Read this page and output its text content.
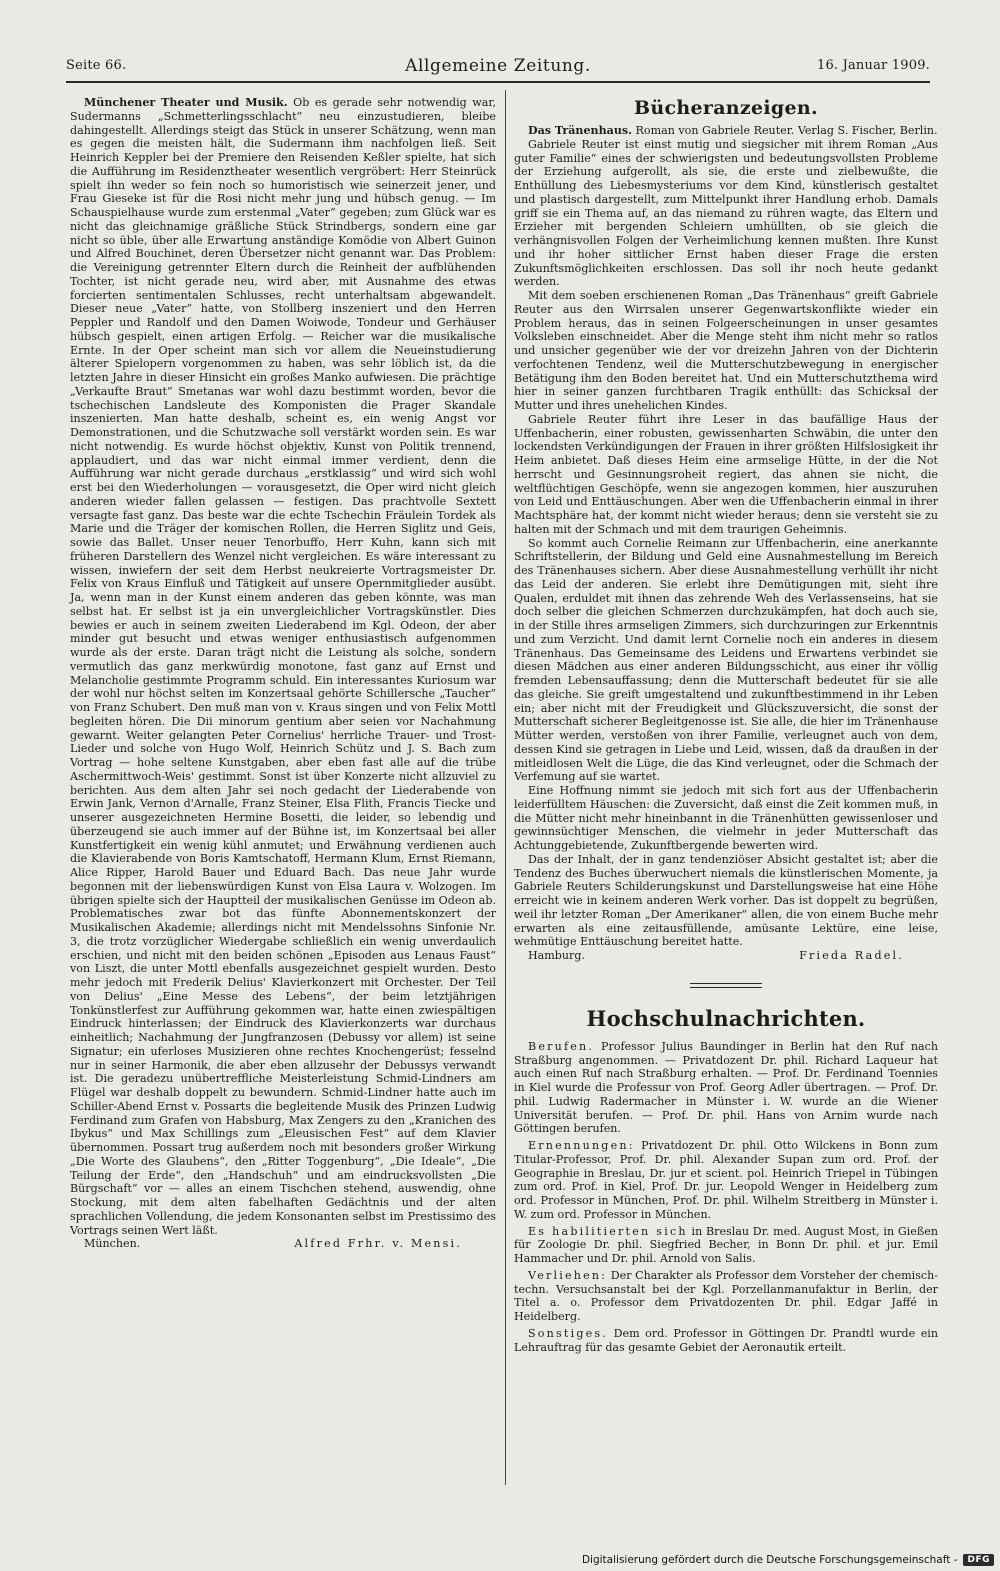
Seite 66.	Allgemeine Zeitung.	16. Januar 1909.

Münchener Theater und Musik. Ob es gerade sehr notwendig war, Sudermanns „Schmetterlingsschlacht“ neu einzustudieren, bleibe dahingestellt. Allerdings steigt das Stück in unserer Schätzung, wenn man es gegen die meisten hält, die Sudermann ihm nachfolgen ließ. Seit Heinrich Keppler bei der Premiere den Reisenden Keßler spielte, hat sich die Aufführung im Residenztheater wesentlich vergröbert: Herr Steinrück spielt ihn weder so fein noch so humoristisch wie seinerzeit jener, und Frau Gieseke ist für die Rosi nicht mehr jung und hübsch genug. — Im Schauspielhause wurde zum erstenmal „Vater“ gegeben; zum Glück war es nicht das gleichnamige gräßliche Stück Strindbergs, sondern eine gar nicht so üble, über alle Erwartung anständige Komödie von Albert Guinon und Alfred Bouchinet, deren Übersetzer nicht genannt war. Das Problem: die Vereinigung getrennter Eltern durch die Reinheit der aufblühenden Tochter, ist nicht gerade neu, wird aber, mit Ausnahme des etwas forcierten sentimentalen Schlusses, recht unterhaltsam abgewandelt. Dieser neue „Vater“ hatte, von Stollberg inszeniert und den Herren Peppler und Randolf und den Damen Woiwode, Tondeur und Gerhäuser hübsch gespielt, einen artigen Erfolg. — Reicher war die musikalische Ernte. In der Oper scheint man sich vor allem die Neueinstudierung älterer Spielopern vorgenommen zu haben, was sehr löblich ist, da die letzten Jahre in dieser Hinsicht ein großes Manko aufwiesen. Die prächtige „Verkaufte Braut“ Smetanas war wohl dazu bestimmt worden, bevor die tschechischen Landsleute des Komponisten die Prager Skandale inszenierten. Man hatte deshalb, scheint es, ein wenig Angst vor Demonstrationen, und die Schutzwache soll verstärkt worden sein. Es war nicht notwendig. Es wurde höchst objektiv, Kunst von Politik trennend, applaudiert, und das war nicht einmal immer verdient, denn die Aufführung war nicht gerade durchaus „erstklassig“ und wird sich wohl erst bei den Wiederholungen — vorausgesetzt, die Oper wird nicht gleich anderen wieder fallen gelassen — festigen. Das prachtvolle Sextett versagte fast ganz. Das beste war die echte Tschechin Fräulein Tordek als Marie und die Träger der komischen Rollen, die Herren Siglitz und Geis, sowie das Ballet. Unser neuer Tenorbuffo, Herr Kuhn, kann sich mit früheren Darstellern des Wenzel nicht vergleichen. Es wäre interessant zu wissen, inwiefern der seit dem Herbst neukreierte Vortragsmeister Dr. Felix von Kraus Einfluß und Tätigkeit auf unsere Opernmitglieder ausübt. Ja, wenn man in der Kunst einem anderen das geben könnte, was man selbst hat. Er selbst ist ja ein unvergleichlicher Vortragskünstler. Dies bewies er auch in seinem zweiten Liederabend im Kgl. Odeon, der aber minder gut besucht und etwas weniger enthusiastisch aufgenommen wurde als der erste. Daran trägt nicht die Leistung als solche, sondern vermutlich das ganz merkwürdig monotone, fast ganz auf Ernst und Melancholie gestimmte Programm schuld. Ein interessantes Kuriosum war der wohl nur höchst selten im Konzertsaal gehörte Schillersche „Taucher“ von Franz Schubert. Den muß man von v. Kraus singen und von Felix Mottl begleiten hören. Die Dii minorum gentium aber seien vor Nachahmung gewarnt. Weiter gelangten Peter Cornelius' herrliche Trauer- und Trost-Lieder und solche von Hugo Wolf, Heinrich Schütz und J. S. Bach zum Vortrag — hohe seltene Kunstgaben, aber eben fast alle auf die trübe Aschermittwoch-Weis' gestimmt. Sonst ist über Konzerte nicht allzuviel zu berichten. Aus dem alten Jahr sei noch gedacht der Liederabende von Erwin Jank, Vernon d'Arnalle, Franz Steiner, Elsa Flith, Francis Tiecke und unserer ausgezeichneten Hermine Bosetti, die leider, so lebendig und überzeugend sie auch immer auf der Bühne ist, im Konzertsaal bei aller Kunstfertigkeit ein wenig kühl anmutet; und Erwähnung verdienen auch die Klavierabende von Boris Kamtschatoff, Hermann Klum, Ernst Riemann, Alice Ripper, Harold Bauer und Eduard Bach. Das neue Jahr wurde begonnen mit der liebenswürdigen Kunst von Elsa Laura v. Wolzogen. Im übrigen spielte sich der Hauptteil der musikalischen Genüsse im Odeon ab. Problematisches zwar bot das fünfte Abonnementskonzert der Musikalischen Akademie; allerdings nicht mit Mendelssohns Sinfonie Nr. 3, die trotz vorzüglicher Wiedergabe schließlich ein wenig unverdaulich erschien, und nicht mit den beiden schönen „Episoden aus Lenaus Faust“ von Liszt, die unter Mottl ebenfalls ausgezeichnet gespielt wurden. Desto mehr jedoch mit Frederik Delius' Klavierkonzert mit Orchester. Der Teil von Delius' „Eine Messe des Lebens“, der beim letztjährigen Tonkünstlerfest zur Aufführung gekommen war, hatte einen zwiespältigen Eindruck hinterlassen; der Eindruck des Klavierkonzerts war durchaus einheitlich; Nachahmung der Jungfranzosen (Debussy vor allem) ist seine Signatur; ein uferloses Musizieren ohne rechtes Knochengerüst; fesselnd nur in seiner Harmonik, die aber eben allzusehr der Debussys verwandt ist. Die geradezu unübertreffliche Meisterleistung Schmid-Lindners am Flügel war deshalb doppelt zu bewundern. Schmid-Lindner hatte auch im Schiller-Abend Ernst v. Possarts die begleitende Musik des Prinzen Ludwig Ferdinand zum Grafen von Habsburg, Max Zengers zu den „Kranichen des Ibykus“ und Max Schillings zum „Eleusischen Fest“ auf dem Klavier übernommen. Possart trug außerdem noch mit besonders großer Wirkung „Die Worte des Glaubens“, den „Ritter Toggenburg“, „Die Ideale“, „Die Teilung der Erde“, den „Handschuh“ und am eindrucksvollsten „Die Bürgschaft“ vor — alles an einem Tischchen stehend, auswendig, ohne Stockung, mit dem alten fabelhaften Gedächtnis und der alten sprachlichen Vollendung, die jedem Konsonanten selbst im Prestissimo des Vortrags seinen Wert läßt.

München.	Alfred Frhr. v. Mensi.
Bücheranzeigen.

Das Tränenhaus. Roman von Gabriele Reuter. Verlag S. Fischer, Berlin.

Gabriele Reuter ist einst mutig und siegsicher mit ihrem Roman „Aus guter Familie“ eines der schwierigsten und bedeutungsvollsten Probleme der Erziehung aufgerollt, als sie, die erste und zielbewußte, die Enthüllung des Liebesmysteriums vor dem Kind, künstlerisch gestaltet und plastisch dargestellt, zum Mittelpunkt ihrer Handlung erhob. Damals griff sie ein Thema auf, an das niemand zu rühren wagte, das Eltern und Erzieher mit bergenden Schleiern umhüllten, ob sie gleich die verhängnisvollen Folgen der Verheimlichung kennen mußten. Ihre Kunst und ihr hoher sittlicher Ernst haben dieser Frage die ersten Zukunftsmöglichkeiten erschlossen. Das soll ihr noch heute gedankt werden.

Mit dem soeben erschienenen Roman „Das Tränenhaus“ greift Gabriele Reuter aus den Wirrsalen unserer Gegenwartskonflikte wieder ein Problem heraus, das in seinen Folgeerscheinungen in unser gesamtes Volksleben einschneidet. Aber die Menge steht ihm nicht mehr so ratlos und unsicher gegenüber wie der vor dreizehn Jahren von der Dichterin verfochtenen Tendenz, weil die Mutterschutzbewegung in energischer Betätigung ihm den Boden bereitet hat. Und ein Mutterschutzthema wird hier in seiner ganzen furchtbaren Tragik enthüllt: das Schicksal der Mutter und ihres unehelichen Kindes.

Gabriele Reuter führt ihre Leser in das baufällige Haus der Uffenbacherin, einer robusten, gewissenharten Schwäbin, die unter den lockendsten Verkündigungen der Frauen in ihrer größten Hilfslosigkeit ihr Heim anbietet. Daß dieses Heim eine armselige Hütte, in der die Not herrscht und Gesinnungsroheit regiert, das ahnen sie nicht, die weltflüchtigen Geschöpfe, wenn sie angezogen kommen, hier auszuruhen von Leid und Enttäuschungen. Aber wen die Uffenbacherin einmal in ihrer Machtsphäre hat, der kommt nicht wieder heraus; denn sie versteht sie zu halten mit der Schmach und mit dem traurigen Geheimnis.

So kommt auch Cornelie Reimann zur Uffenbacherin, eine anerkannte Schriftstellerin, der Bildung und Geld eine Ausnahmestellung im Bereich des Tränenhauses sichern. Aber diese Ausnahmestellung verhüllt ihr nicht das Leid der anderen. Sie erlebt ihre Demütigungen mit, sieht ihre Qualen, erduldet mit ihnen das zehrende Weh des Verlassenseins, hat sie doch selber die gleichen Schmerzen durchzukämpfen, hat doch auch sie, in der Stille ihres armseligen Zimmers, sich durchzuringen zur Erkenntnis und zum Verzicht. Und damit lernt Cornelie noch ein anderes in diesem Tränenhaus. Das Gemeinsame des Leidens und Erwartens verbindet sie diesen Mädchen aus einer anderen Bildungsschicht, aus einer ihr völlig fremden Lebensauffassung; denn die Mutterschaft bedeutet für sie alle das gleiche. Sie greift umgestaltend und zukunftbestimmend in ihr Leben ein; aber nicht mit der Freudigkeit und Glückszuversicht, die sonst der Mutterschaft sicherer Begleitgenosse ist. Sie alle, die hier im Tränenhause Mütter werden, verstoßen von ihrer Familie, verleugnet auch von dem, dessen Kind sie getragen in Liebe und Leid, wissen, daß da draußen in der mitleidlosen Welt die Lüge, die das Kind verleugnet, oder die Schmach der Verfemung auf sie wartet.

Eine Hoffnung nimmt sie jedoch mit sich fort aus der Uffenbacherin leiderfülltem Häuschen: die Zuversicht, daß einst die Zeit kommen muß, in die Mütter nicht mehr hineinbannt in die Tränenhütten gewissenloser und gewinnsüchtiger Menschen, die vielmehr in jeder Mutterschaft das Achtunggebietende, Zukunftbergende bewerten wird.

Das der Inhalt, der in ganz tendenziöser Absicht gestaltet ist; aber die Tendenz des Buches überwuchert niemals die künstlerischen Momente, ja Gabriele Reuters Schilderungskunst und Darstellungsweise hat eine Höhe erreicht wie in keinem anderen Werk vorher. Das ist doppelt zu begrüßen, weil ihr letzter Roman „Der Amerikaner“ allen, die von einem Buche mehr erwarten als eine zeitausfüllende, amüsante Lektüre, eine leise, wehmütige Enttäuschung bereitet hatte.

Hamburg.	Frieda Radel.
Hochschulnachrichten.

Berufen. Professor Julius Baundinger in Berlin hat den Ruf nach Straßburg angenommen. — Privatdozent Dr. phil. Richard Laqueur hat auch einen Ruf nach Straßburg erhalten. — Prof. Dr. Ferdinand Toennies in Kiel wurde die Professur von Prof. Georg Adler übertragen. — Prof. Dr. phil. Ludwig Radermacher in Münster i. W. wurde an die Wiener Universität berufen. — Prof. Dr. phil. Hans von Arnim wurde nach Göttingen berufen.

Ernennungen: Privatdozent Dr. phil. Otto Wilckens in Bonn zum Titular-Professor, Prof. Dr. phil. Alexander Supan zum ord. Prof. der Geographie in Breslau, Dr. jur et scient. pol. Heinrich Triepel in Tübingen zum ord. Prof. in Kiel, Prof. Dr. jur. Leopold Wenger in Heidelberg zum ord. Professor in München, Prof. Dr. phil. Wilhelm Streitberg in Münster i. W. zum ord. Professor in München.

Es habilitierten sich in Breslau Dr. med. August Most, in Gießen für Zoologie Dr. phil. Siegfried Becher, in Bonn Dr. phil. et jur. Emil Hammacher und Dr. phil. Arnold von Salis.

Verliehen: Der Charakter als Professor dem Vorsteher der chemisch-techn. Versuchsanstalt bei der Kgl. Porzellanmanufaktur in Berlin, der Titel a. o. Professor dem Privatdozenten Dr. phil. Edgar Jaffé in Heidelberg.

Sonstiges. Dem ord. Professor in Göttingen Dr. Prandtl wurde ein Lehrauftrag für das gesamte Gebiet der Aeronautik erteilt.

Digitalisierung gefördert durch die Deutsche Forschungsgemeinschaft -	DFG
